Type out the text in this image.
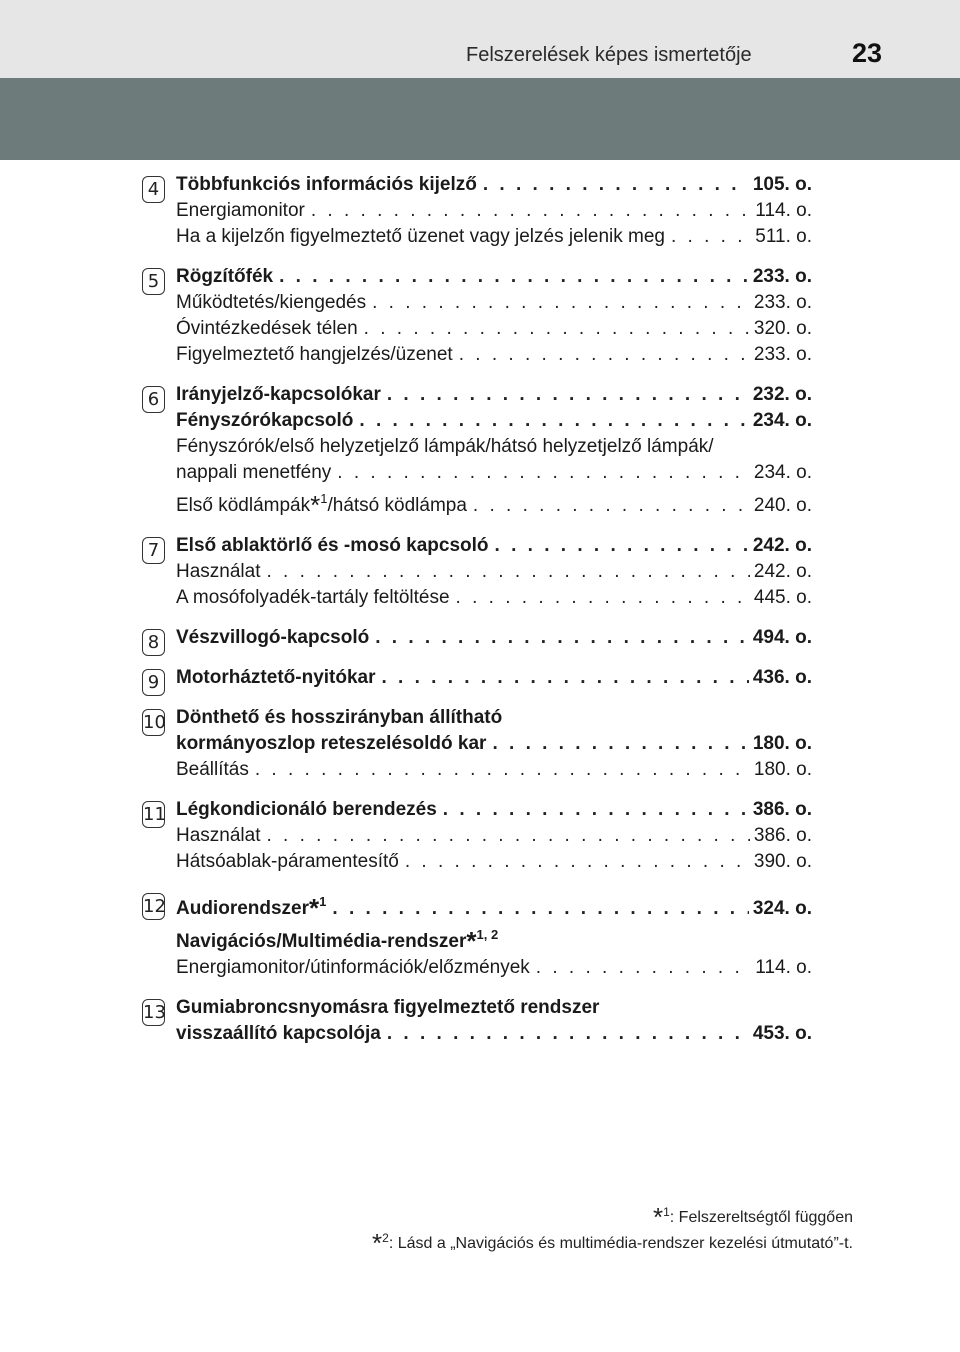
Felszerelések képes ismertetője	23
4 Többfunkciós információs kijelző . . .	105. o.
Energiamonitor . . .	114. o.
Ha a kijelzőn figyelmeztető üzenet vagy jelzés jelenik meg . . .	511. o.
5 Rögzítőfék . . .	233. o.
Működtetés/kiengedés . . .	233. o.
Óvintézkedések télen . . .	320. o.
Figyelmeztető hangjelzés/üzenet . . .	233. o.
6 Irányjelző-kapcsolókar . . .	232. o.
Fényszórókapcsoló . . .	234. o.
Fényszórók/első helyzetjelző lámpák/hátsó helyzetjelző lámpák/
nappali menetfény . . .	234. o.
Első ködlámpák*$^1$/hátsó ködlámpa . . .	240. o.
7 Első ablaktörlő és -mosó kapcsoló . . .	242. o.
Használat . . .	242. o.
A mosófolyadék-tartály feltöltése . . .	445. o.
8 Vészvillogó-kapcsoló . . .	494. o.
9 Motorháztető-nyitókar . . .	436. o.
10 Dönthető és hosszirányban állítható
kormányoszlop reteszelésoldó kar . . .	180. o.
Beállítás . . .	180. o.
11 Légkondicionáló berendezés . . .	386. o.
Használat . . .	386. o.
Hátsóablak-páramentesítő . . .	390. o.
12 Audiorendszer*$^1$ . . .	324. o.
Navigációs/Multimédia-rendszer*$^{1, 2}$
Energiamonitor/útinformációk/előzmények . . .	114. o.
13 Gumiabroncsnyomásra figyelmeztető rendszer
visszaállító kapcsolója . . .	453. o.
*$^1$: Felszereltségtől függően
*$^2$: Lásd a „Navigációs és multimédia-rendszer kezelési útmutató”-t.
